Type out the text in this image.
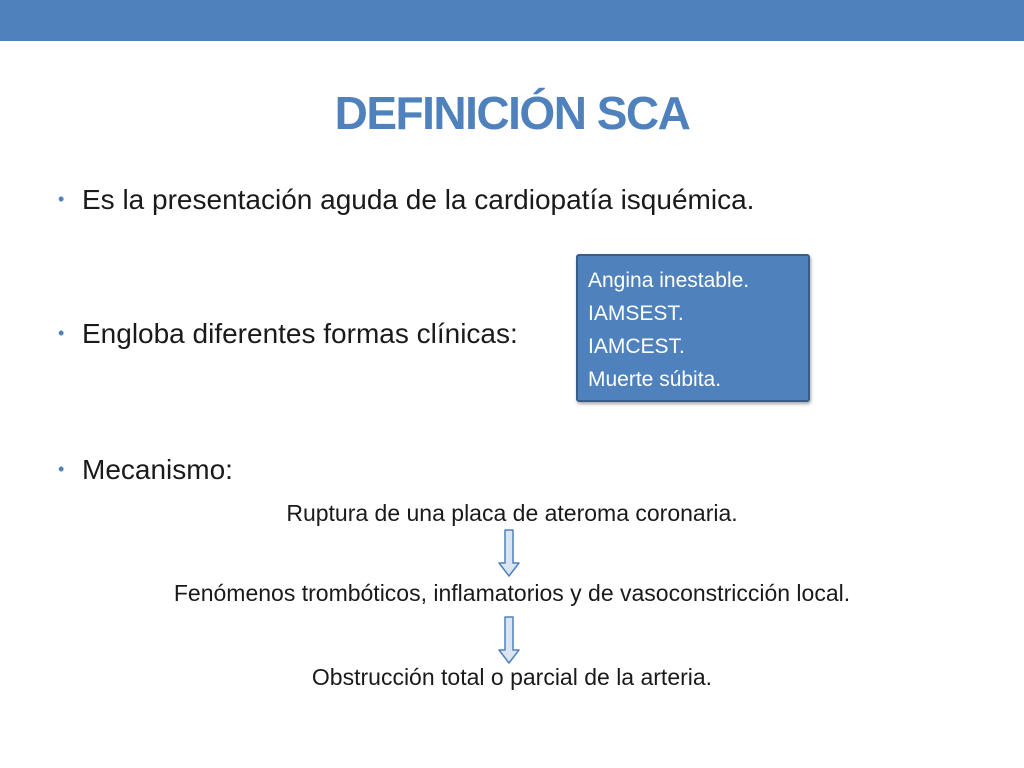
DEFINICIÓN SCA
• Es la presentación aguda de la cardiopatía isquémica.
• Engloba diferentes formas clínicas:
Angina inestable.
IAMSEST.
IAMCEST.
Muerte súbita.
• Mecanismo:
Ruptura de una placa de ateroma coronaria.
Fenómenos trombóticos, inflamatorios y de vasoconstricción local.
Obstrucción total o parcial de la arteria.
